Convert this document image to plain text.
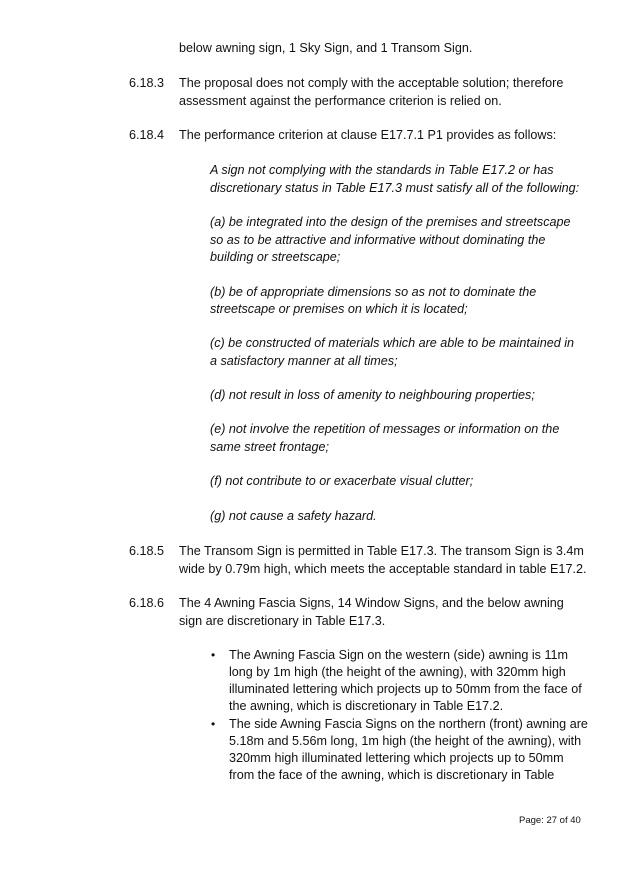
below awning sign, 1 Sky Sign, and 1 Transom Sign.
6.18.3 The proposal does not comply with the acceptable solution; therefore
assessment against the performance criterion is relied on.
6.18.4 The performance criterion at clause E17.7.1 P1 provides as follows:
A sign not complying with the standards in Table E17.2 or has
discretionary status in Table E17.3 must satisfy all of the following:
(a) be integrated into the design of the premises and streetscape
so as to be attractive and informative without dominating the
building or streetscape;
(b) be of appropriate dimensions so as not to dominate the
streetscape or premises on which it is located;
(c) be constructed of materials which are able to be maintained in
a satisfactory manner at all times;
(d) not result in loss of amenity to neighbouring properties;
(e) not involve the repetition of messages or information on the
same street frontage;
(f) not contribute to or exacerbate visual clutter;
(g) not cause a safety hazard.
6.18.5 The Transom Sign is permitted in Table E17.3. The transom Sign is 3.4m
wide by 0.79m high, which meets the acceptable standard in table E17.2.
6.18.6 The 4 Awning Fascia Signs, 14 Window Signs, and the below awning
sign are discretionary in Table E17.3.
• The Awning Fascia Sign on the western (side) awning is 11m
long by 1m high (the height of the awning), with 320mm high
illuminated lettering which projects up to 50mm from the face of
the awning, which is discretionary in Table E17.2.
• The side Awning Fascia Signs on the northern (front) awning are
5.18m and 5.56m long, 1m high (the height of the awning), with
320mm high illuminated lettering which projects up to 50mm
from the face of the awning, which is discretionary in Table
Page: 27 of 40
